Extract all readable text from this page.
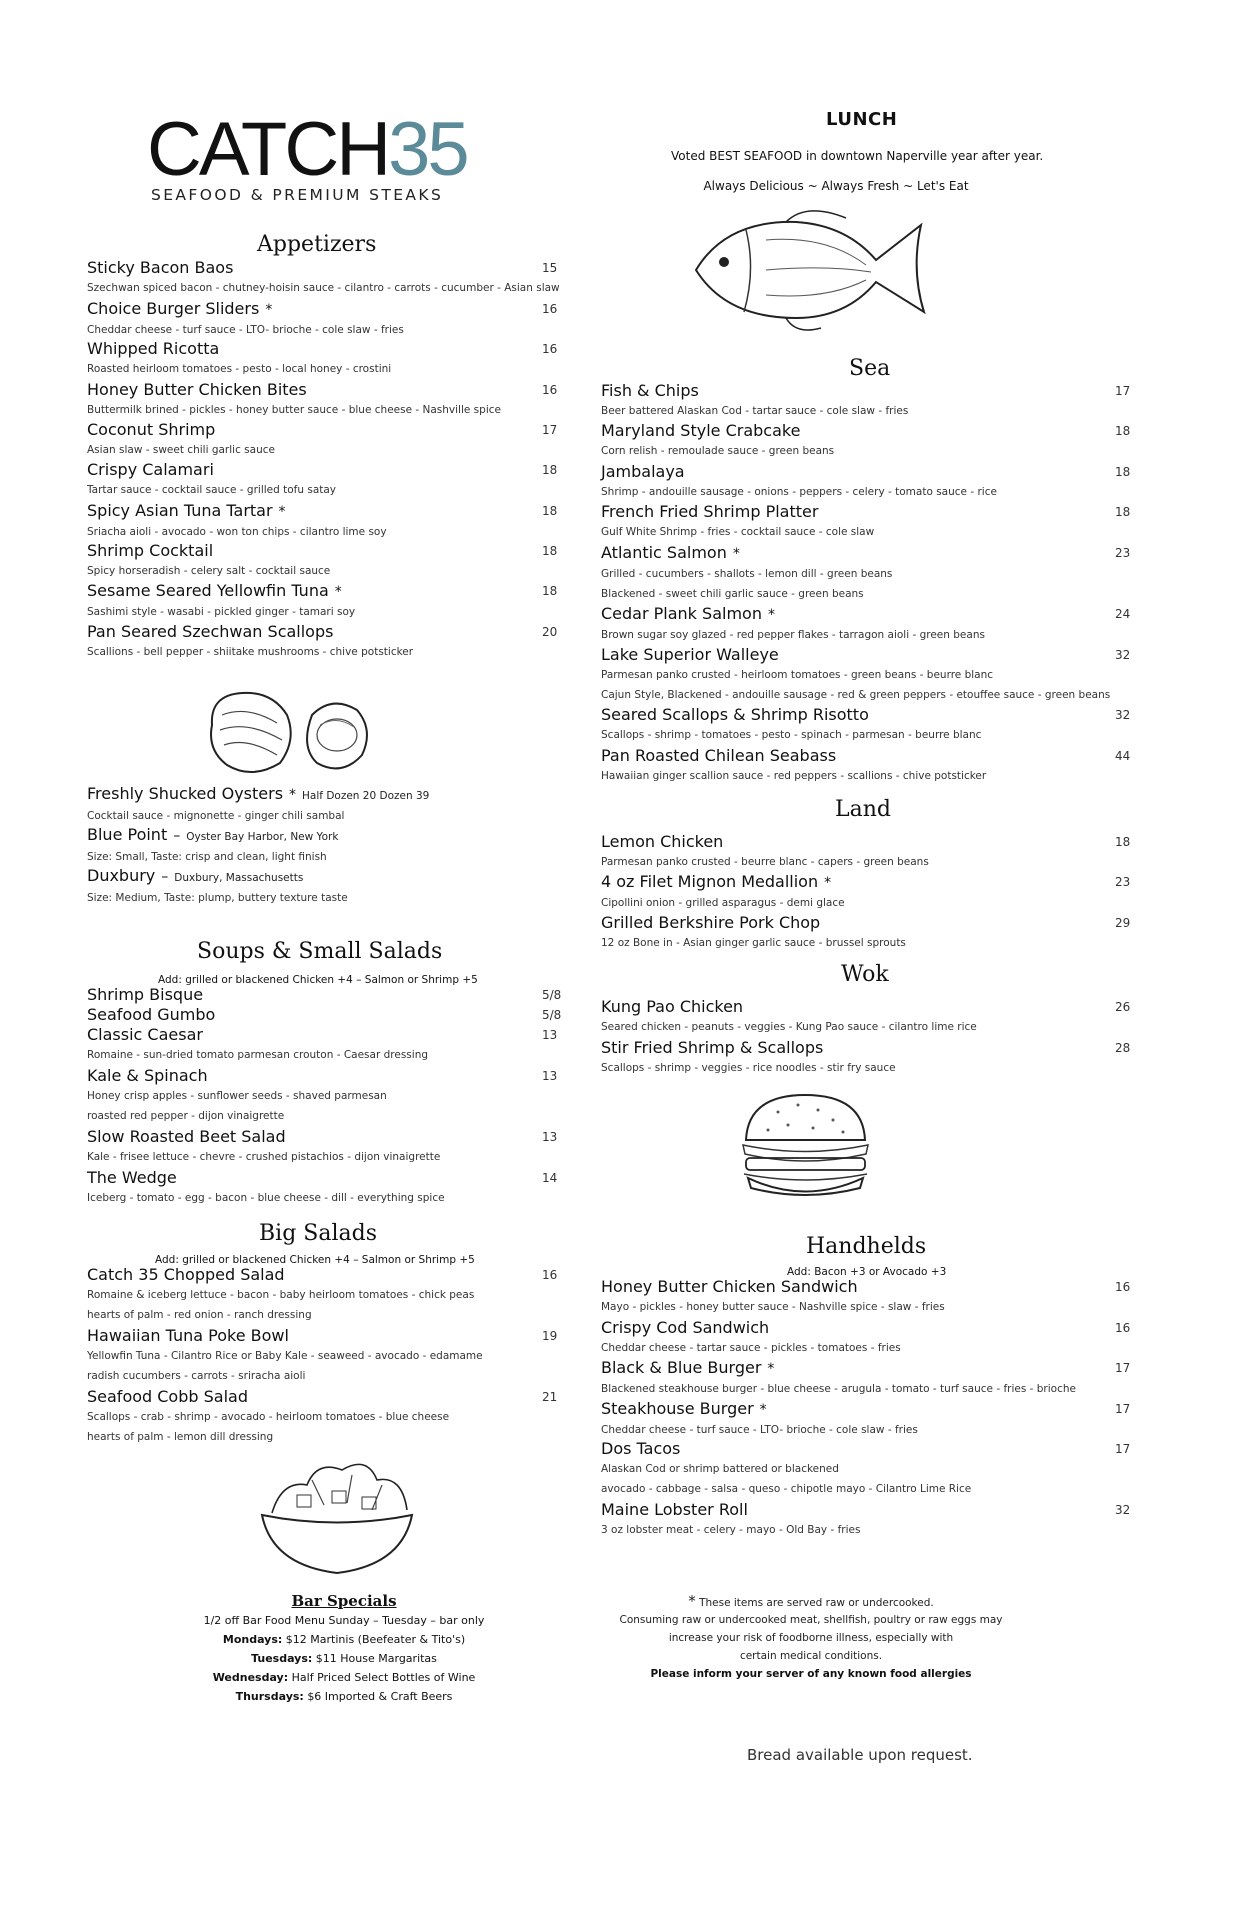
CATCH35
SEAFOOD & PREMIUM STEAKS
Appetizers
Sticky Bacon Baos
Szechwan spiced bacon - chutney-hoisin sauce - cilantro - carrots - cucumber - Asian slaw
15
Choice Burger Sliders *
Cheddar cheese - turf sauce - LTO- brioche - cole slaw - fries
16
Whipped Ricotta
Roasted heirloom tomatoes - pesto - local honey - crostini
16
Honey Butter Chicken Bites
Buttermilk brined - pickles - honey butter sauce - blue cheese - Nashville spice
16
Coconut Shrimp
Asian slaw - sweet chili garlic sauce
17
Crispy Calamari
Tartar sauce - cocktail sauce - grilled tofu satay
18
Spicy Asian Tuna Tartar *
Sriacha aioli - avocado - won ton chips - cilantro lime soy
18
Shrimp Cocktail
Spicy horseradish - celery salt - cocktail sauce
18
Sesame Seared Yellowfin Tuna *
Sashimi style - wasabi - pickled ginger - tamari soy
18
Pan Seared Szechwan Scallops
Scallions - bell pepper - shiitake mushrooms - chive potsticker
20
Freshly Shucked Oysters * Half Dozen 20 Dozen 39
Cocktail sauce - mignonette - ginger chili sambal
Blue Point – Oyster Bay Harbor, New York
Size: Small, Taste: crisp and clean, light finish
Duxbury – Duxbury, Massachusetts
Size: Medium, Taste: plump, buttery texture taste
Soups & Small Salads
Add: grilled or blackened Chicken +4 – Salmon or Shrimp +5
Shrimp Bisque	5/8
Seafood Gumbo	5/8
Classic Caesar
Romaine - sun-dried tomato parmesan crouton - Caesar dressing
13
Kale & Spinach
Honey crisp apples - sunflower seeds - shaved parmesan
roasted red pepper - dijon vinaigrette
13
Slow Roasted Beet Salad
Kale - frisee lettuce - chevre - crushed pistachios - dijon vinaigrette
13
The Wedge
Iceberg - tomato - egg - bacon - blue cheese - dill - everything spice
14
Big Salads
Add: grilled or blackened Chicken +4 – Salmon or Shrimp +5
Catch 35 Chopped Salad
Romaine & iceberg lettuce - bacon - baby heirloom tomatoes - chick peas
hearts of palm - red onion - ranch dressing
16
Hawaiian Tuna Poke Bowl
Yellowfin Tuna - Cilantro Rice or Baby Kale - seaweed - avocado - edamame
radish cucumbers - carrots - sriracha aioli
19
Seafood Cobb Salad
Scallops - crab - shrimp - avocado - heirloom tomatoes - blue cheese
hearts of palm - lemon dill dressing
21
Bar Specials
1/2 off Bar Food Menu Sunday – Tuesday – bar only
Mondays: $12 Martinis (Beefeater & Tito's)
Tuesdays: $11 House Margaritas
Wednesday: Half Priced Select Bottles of Wine
Thursdays: $6 Imported & Craft Beers
LUNCH
Voted BEST SEAFOOD in downtown Naperville year after year.
Always Delicious ~ Always Fresh ~ Let's Eat
Sea
Fish & Chips
Beer battered Alaskan Cod - tartar sauce - cole slaw - fries
17
Maryland Style Crabcake
Corn relish - remoulade sauce - green beans
18
Jambalaya
Shrimp - andouille sausage - onions - peppers - celery - tomato sauce - rice
18
French Fried Shrimp Platter
Gulf White Shrimp - fries - cocktail sauce - cole slaw
18
Atlantic Salmon *
Grilled - cucumbers - shallots - lemon dill - green beans
Blackened - sweet chili garlic sauce - green beans
23
Cedar Plank Salmon *
Brown sugar soy glazed - red pepper flakes - tarragon aioli - green beans
24
Lake Superior Walleye
Parmesan panko crusted - heirloom tomatoes - green beans - beurre blanc
Cajun Style, Blackened - andouille sausage - red & green peppers - etouffee sauce - green beans
32
Seared Scallops & Shrimp Risotto
Scallops - shrimp - tomatoes - pesto - spinach - parmesan - beurre blanc
32
Pan Roasted Chilean Seabass
Hawaiian ginger scallion sauce - red peppers - scallions - chive potsticker
44
Land
Lemon Chicken
Parmesan panko crusted - beurre blanc - capers - green beans
18
4 oz Filet Mignon Medallion *
Cipollini onion - grilled asparagus - demi glace
23
Grilled Berkshire Pork Chop
12 oz Bone in - Asian ginger garlic sauce - brussel sprouts
29
Wok
Kung Pao Chicken
Seared chicken - peanuts - veggies - Kung Pao sauce - cilantro lime rice
26
Stir Fried Shrimp & Scallops
Scallops - shrimp - veggies - rice noodles - stir fry sauce
28
Handhelds
Add: Bacon +3 or Avocado +3
Honey Butter Chicken Sandwich
Mayo - pickles - honey butter sauce - Nashville spice - slaw - fries
16
Crispy Cod Sandwich
Cheddar cheese - tartar sauce - pickles - tomatoes - fries
16
Black & Blue Burger *
Blackened steakhouse burger - blue cheese - arugula - tomato - turf sauce - fries - brioche
17
Steakhouse Burger *
Cheddar cheese - turf sauce - LTO- brioche - cole slaw - fries
17
Dos Tacos
Alaskan Cod or shrimp battered or blackened
avocado - cabbage - salsa - queso - chipotle mayo - Cilantro Lime Rice
17
Maine Lobster Roll
3 oz lobster meat - celery - mayo - Old Bay - fries
32
* These items are served raw or undercooked.
Consuming raw or undercooked meat, shellfish, poultry or raw eggs may
increase your risk of foodborne illness, especially with
certain medical conditions.
Please inform your server of any known food allergies
Bread available upon request.
